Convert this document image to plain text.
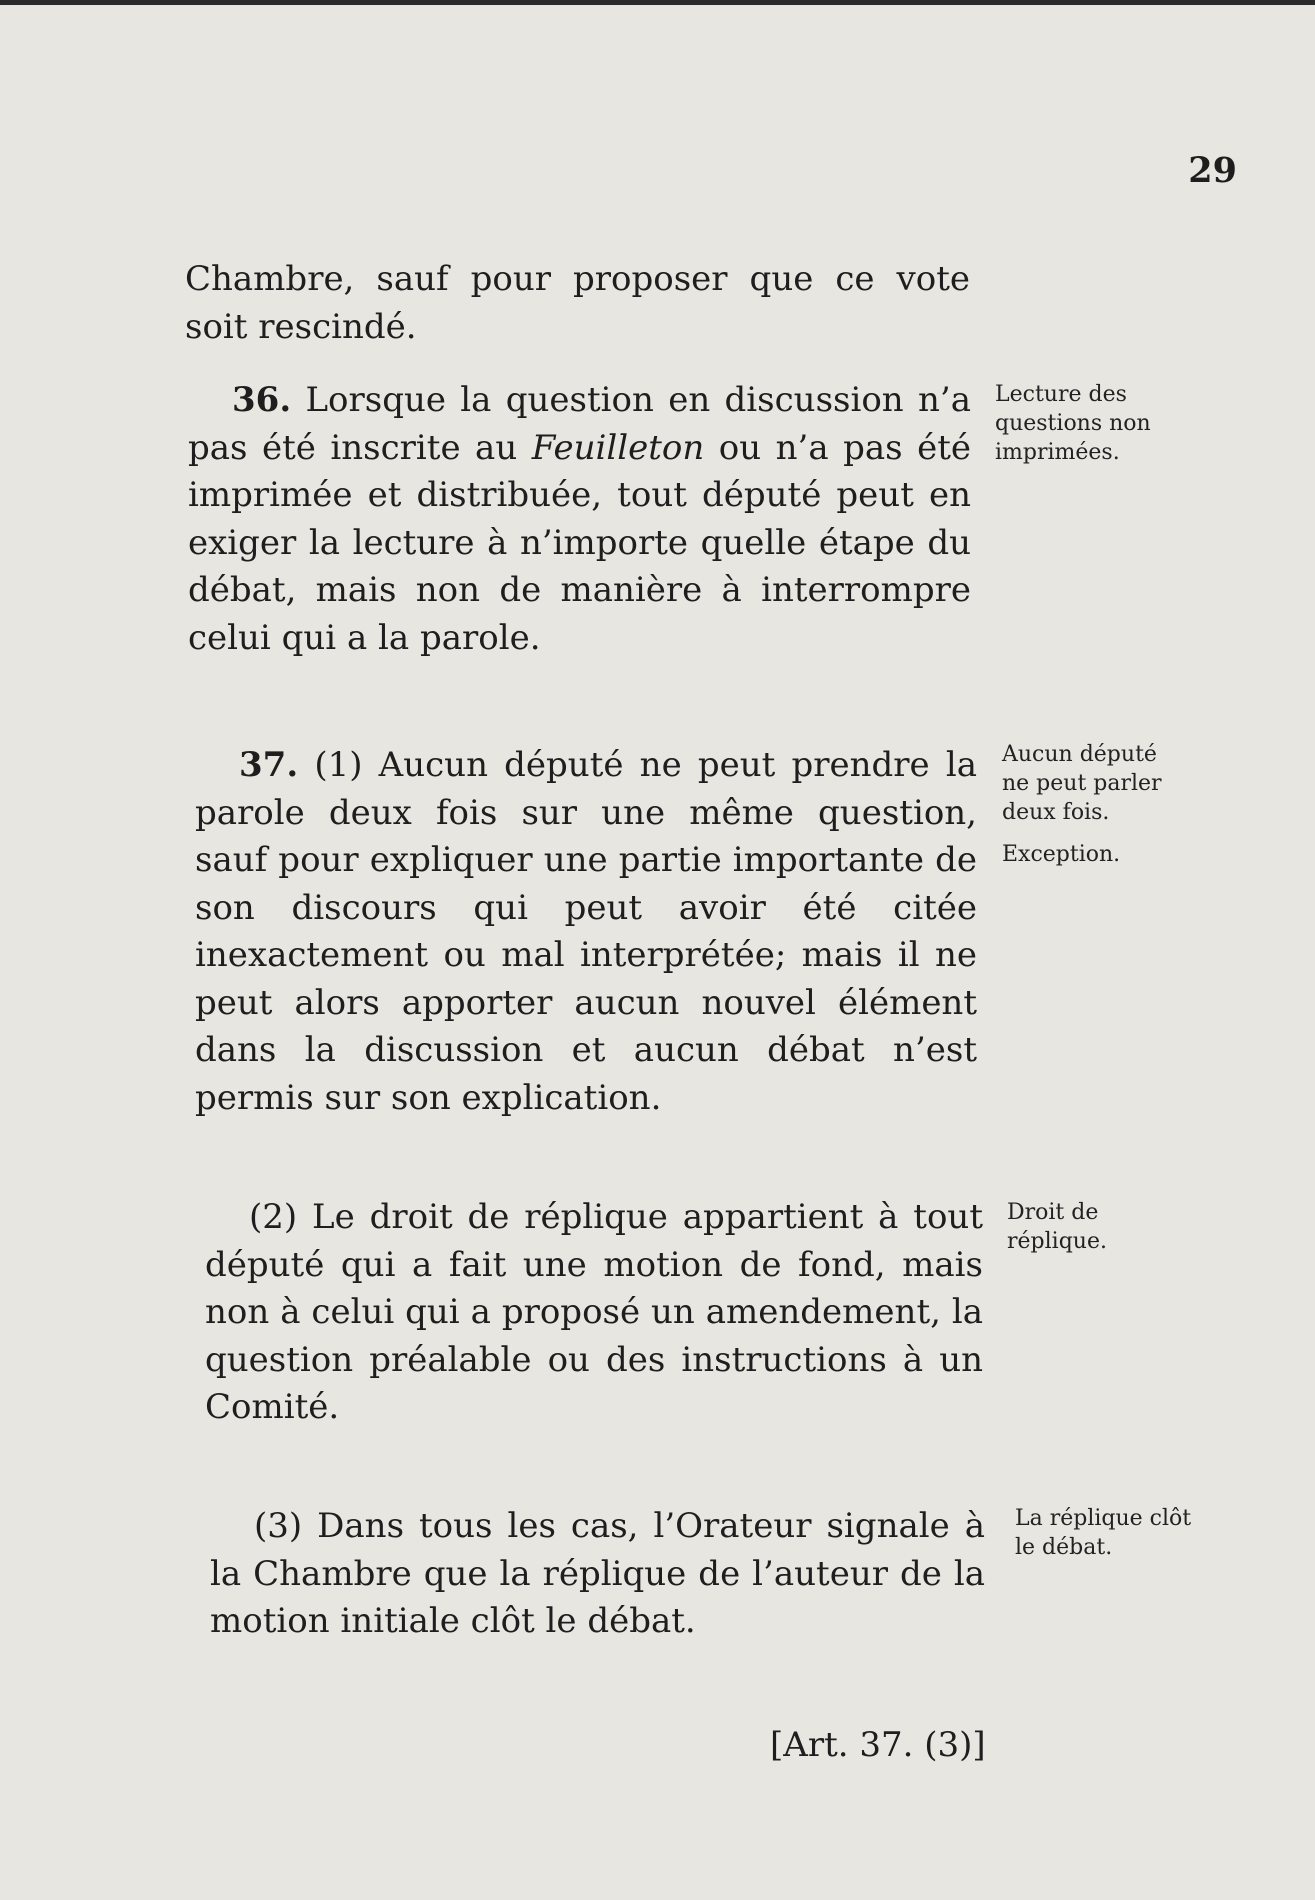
29
Chambre, sauf pour proposer que ce vote soit rescindé.
36. Lorsque la question en discussion n’a pas été inscrite au Feuilleton ou n’a pas été imprimée et distribuée, tout député peut en exiger la lecture à n’importe quelle étape du débat, mais non de manière à interrompre celui qui a la parole.
Lecture des questions non imprimées.
37. (1) Aucun député ne peut prendre la parole deux fois sur une même question, sauf pour expliquer une partie importante de son discours qui peut avoir été citée inexactement ou mal interprétée; mais il ne peut alors apporter aucun nouvel élément dans la discussion et aucun débat n’est permis sur son explication.
Aucun député ne peut parler deux fois.
Exception.
(2) Le droit de réplique appartient à tout député qui a fait une motion de fond, mais non à celui qui a proposé un amendement, la question préalable ou des instructions à un Comité.
Droit de réplique.
(3) Dans tous les cas, l’Orateur signale à la Chambre que la réplique de l’auteur de la motion initiale clôt le débat.
La réplique clôt le débat.
[Art. 37. (3)]
